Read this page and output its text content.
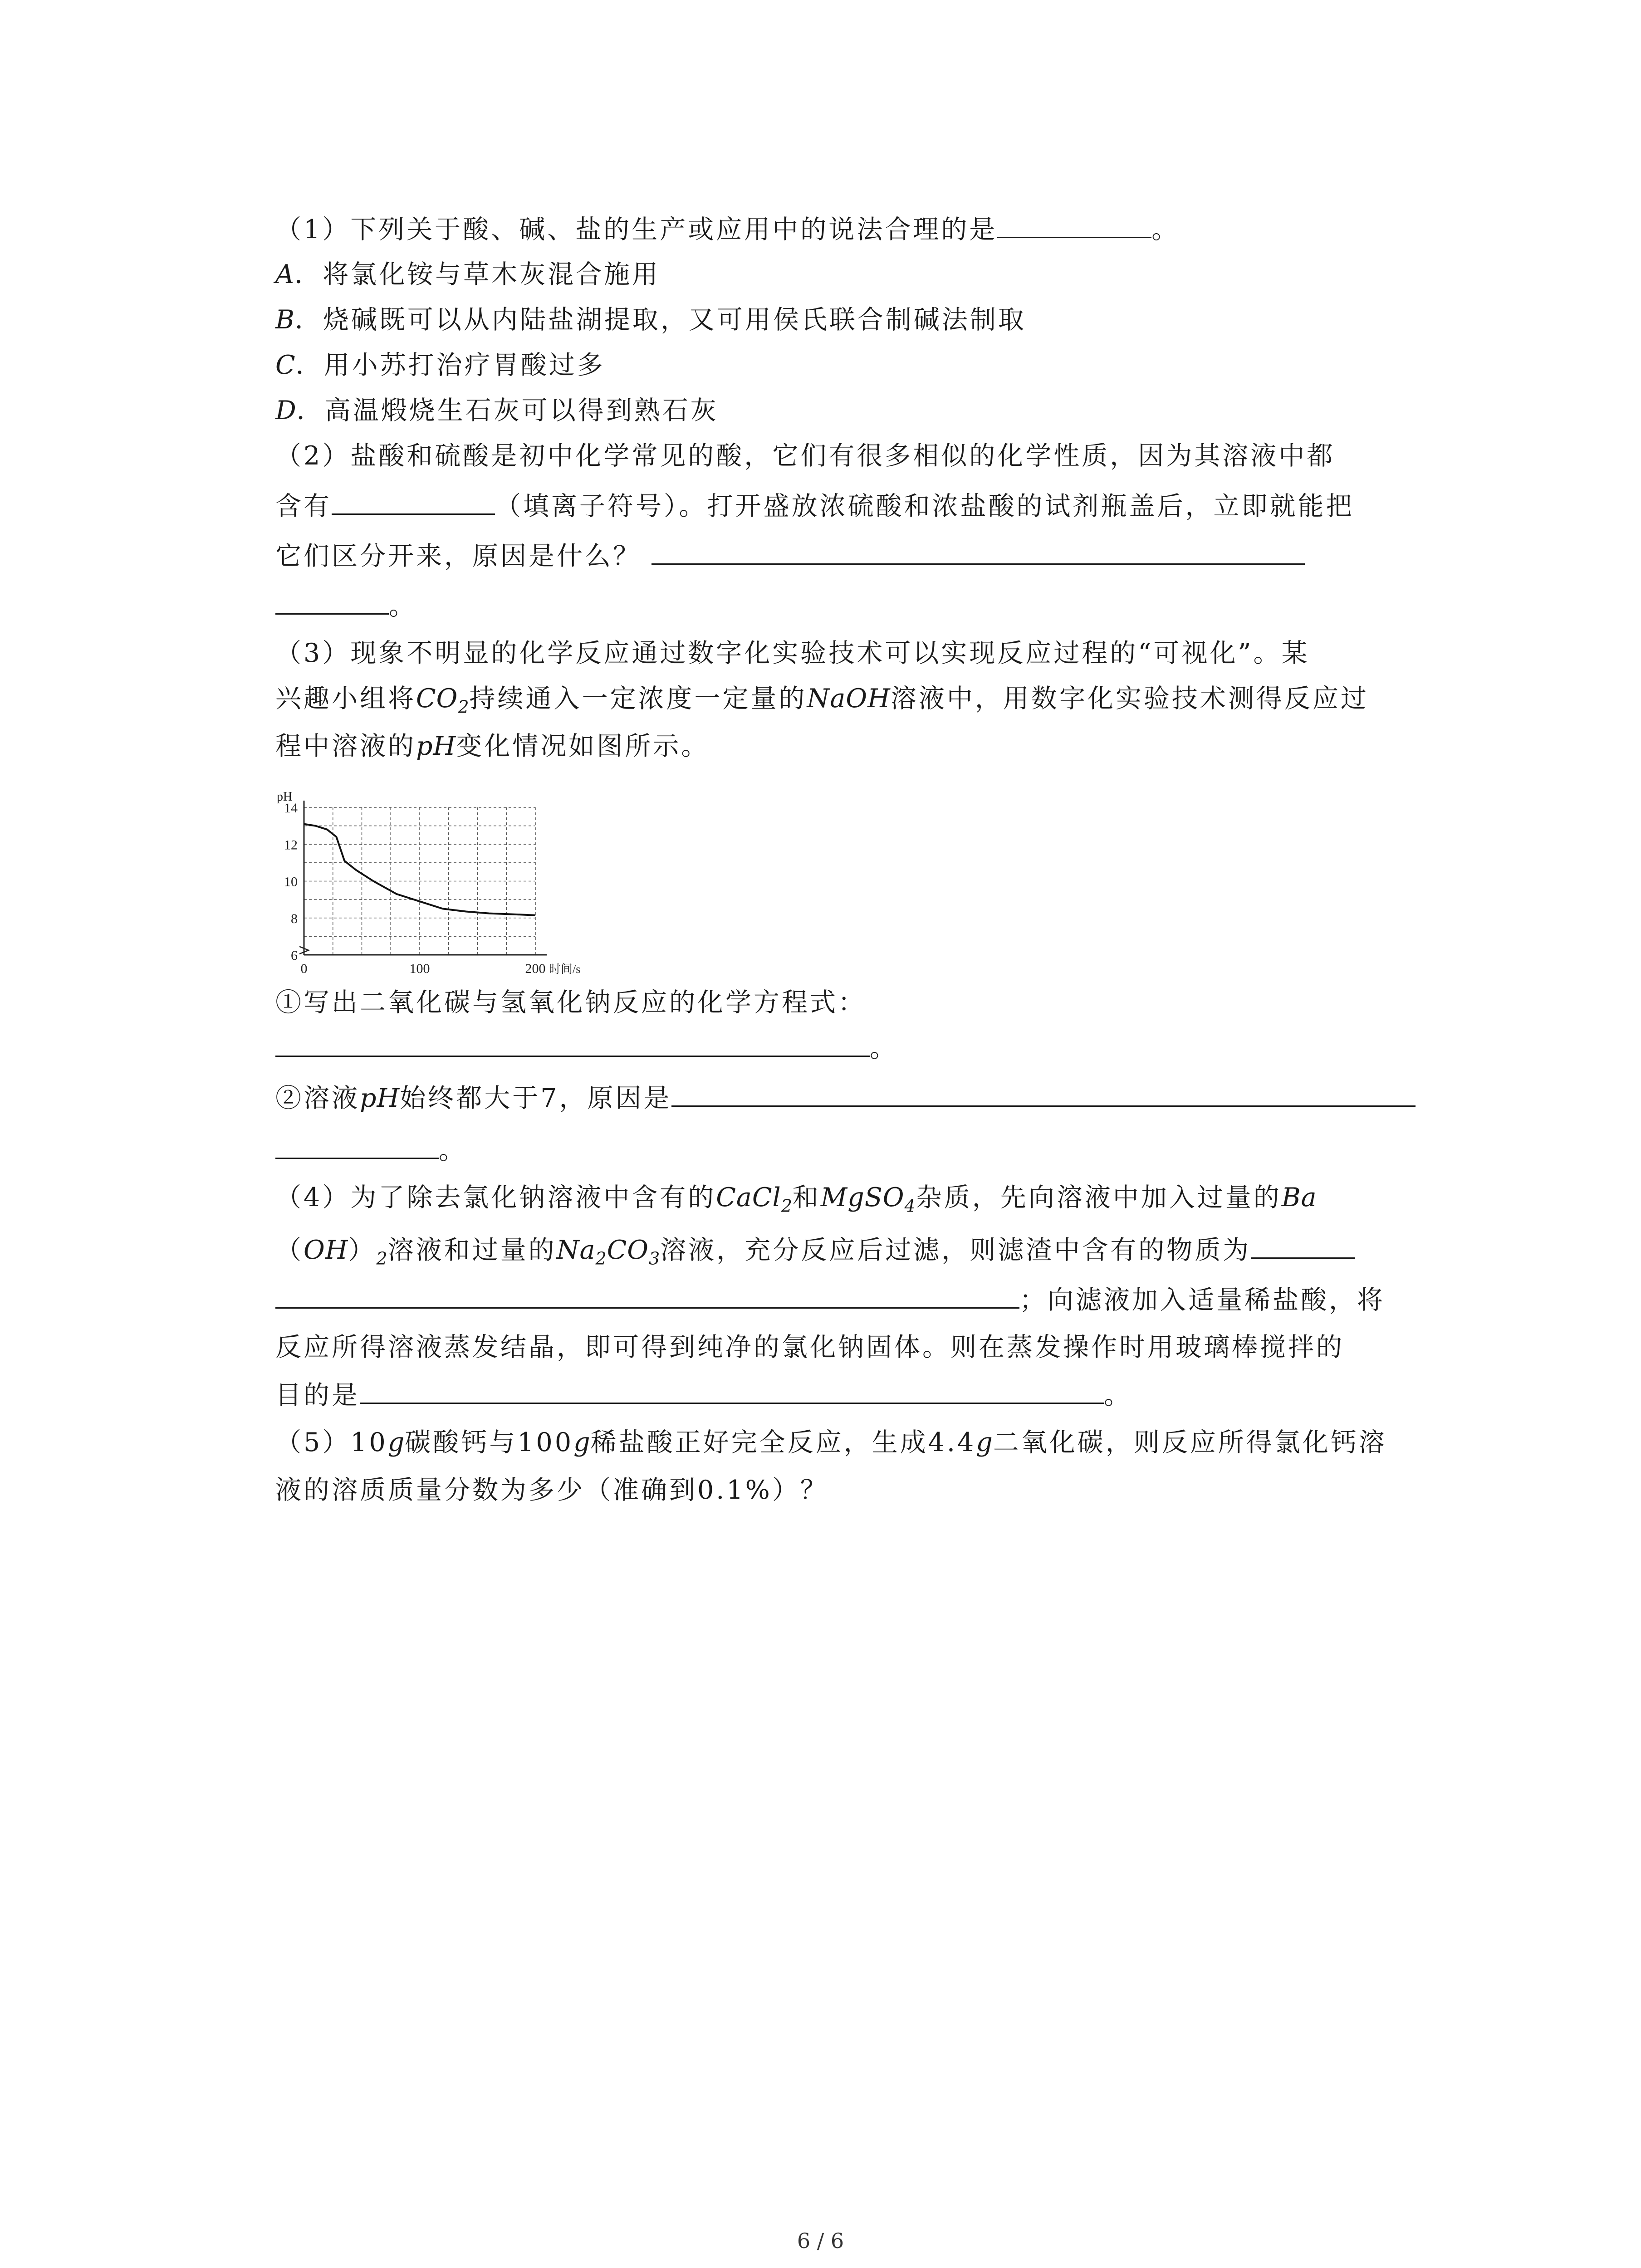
（1）下列关于酸、碱、盐的生产或应用中的说法合理的是	。
A．将氯化铵与草木灰混合施用
B．烧碱既可以从内陆盐湖提取，又可用侯氏联合制碱法制取
C．用小苏打治疗胃酸过多
D．高温煅烧生石灰可以得到熟石灰
（2）盐酸和硫酸是初中化学常见的酸，它们有很多相似的化学性质，因为其溶液中都
含有	（填离子符号）。打开盛放浓硫酸和浓盐酸的试剂瓶盖后，立即就能把
它们区分开来，原因是什么？
。
（3）现象不明显的化学反应通过数字化实验技术可以实现反应过程的“可视化”。某
兴趣小组将$CO_2$持续通入一定浓度一定量的NaOH溶液中，用数字化实验技术测得反应过
程中溶液的pH变化情况如图所示。
6
8
10
12
14
0	100	200
pH
时间/s
①写出二氧化碳与氢氧化钠反应的化学方程式：
。
②溶液pH始终都大于7，原因是
。
（4）为了除去氯化钠溶液中含有的CaCl$_2$和MgSO$_4$杂质，先向溶液中加入过量的Ba
$(OH)_2$溶液和过量的$Na_2CO_3$溶液，充分反应后过滤，则滤渣中含有的物质为
；向滤液加入适量稀盐酸，将
反应所得溶液蒸发结晶，即可得到纯净的氯化钠固体。则在蒸发操作时用玻璃棒搅拌的
目的是	。
（5）10g碳酸钙与100g稀盐酸正好完全反应，生成4.4g二氧化碳，则反应所得氯化钙溶
液的溶质质量分数为多少（准确到0.1%）？
6 / 6
